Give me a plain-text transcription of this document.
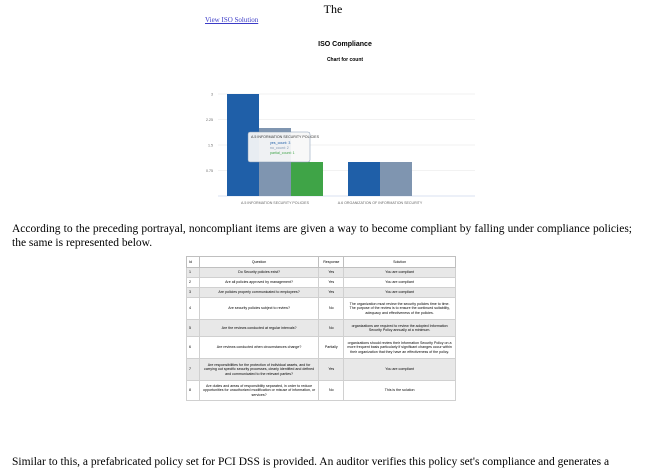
The
View ISO Solution
ISO Compliance
Chart for count
3
2.25
1.5
0.75
A.5 INFORMATION SECURITY POLICIES	A.6 ORGANIZATION OF INFORMATION SECURITY
A.5 INFORMATION SECURITY POLICIES
yes_count: 3
no_count: 2
partial_count: 1
According to the preceding portrayal, noncompliant items are given a way to become compliant by falling under compliance policies; the same is represented below.
Id	Question	Response	Solution
1	Do Security policies exist?	Yes	You are compliant
2	Are all policies approved by management?	Yes	You are compliant
3	Are policies properly communicated to employees?	Yes	You are compliant
4	Are security policies subject to review?	No	The organization must review the security policies time to time. The purpose of the review is to ensure the continued suitability, adequacy and effectiveness of the policies.
5	Are the reviews conducted at regular intervals?	No	organizations are required to review the adopted Information Security Policy annually at a minimum.
6	Are reviews conducted when circumstances change?	Partially	organizations should review their Information Security Policy on a more frequent basis particularly if significant changes occur within their organization that they have an effectiveness of the policy.
7	Are responsibilities for the protection of individual assets, and for carrying out specific security processes, clearly identified and defined and communicated to the relevant parties?	Yes	You are compliant
8	Are duties and areas of responsibility separated, in order to reduce opportunities for unauthorized modification or misuse of information, or services?	No	This is the solution
Similar to this, a prefabricated policy set for PCI DSS is provided. An auditor verifies this policy set's compliance and generates a
